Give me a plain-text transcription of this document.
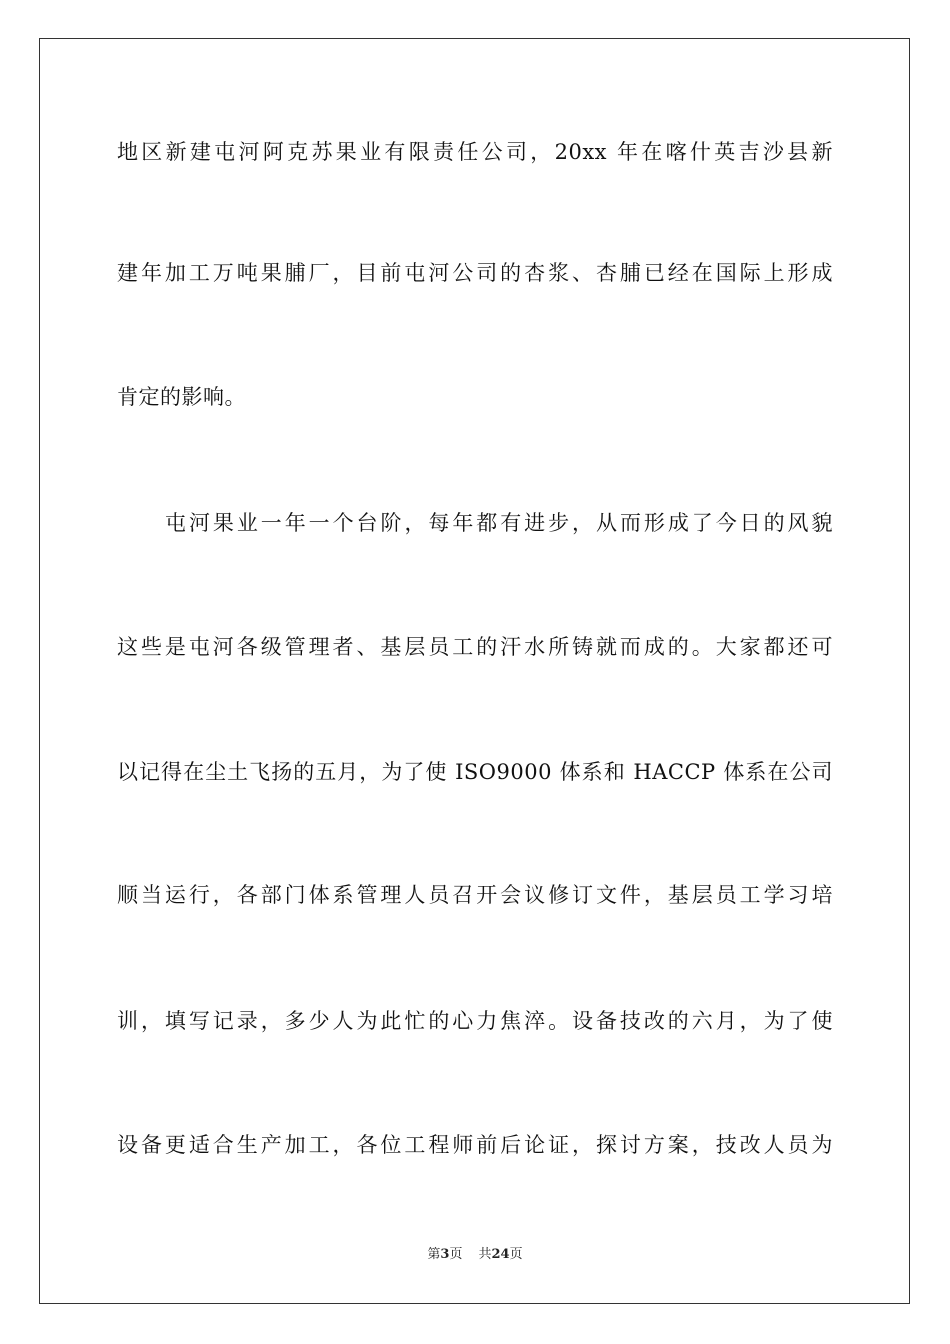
地区新建屯河阿克苏果业有限责任公司，20xx 年在喀什英吉沙县新
建年加工万吨果脯厂，目前屯河公司的杏浆、杏脯已经在国际上形成
肯定的影响。
屯河果业一年一个台阶，每年都有进步，从而形成了今日的风貌
这些是屯河各级管理者、基层员工的汗水所铸就而成的。大家都还可
以记得在尘土飞扬的五月，为了使 ISO9000 体系和 HACCP 体系在公司
顺当运行，各部门体系管理人员召开会议修订文件，基层员工学习培
训，填写记录，多少人为此忙的心力焦淬。设备技改的六月，为了使
设备更适合生产加工，各位工程师前后论证，探讨方案，技改人员为
第3页 共24页
